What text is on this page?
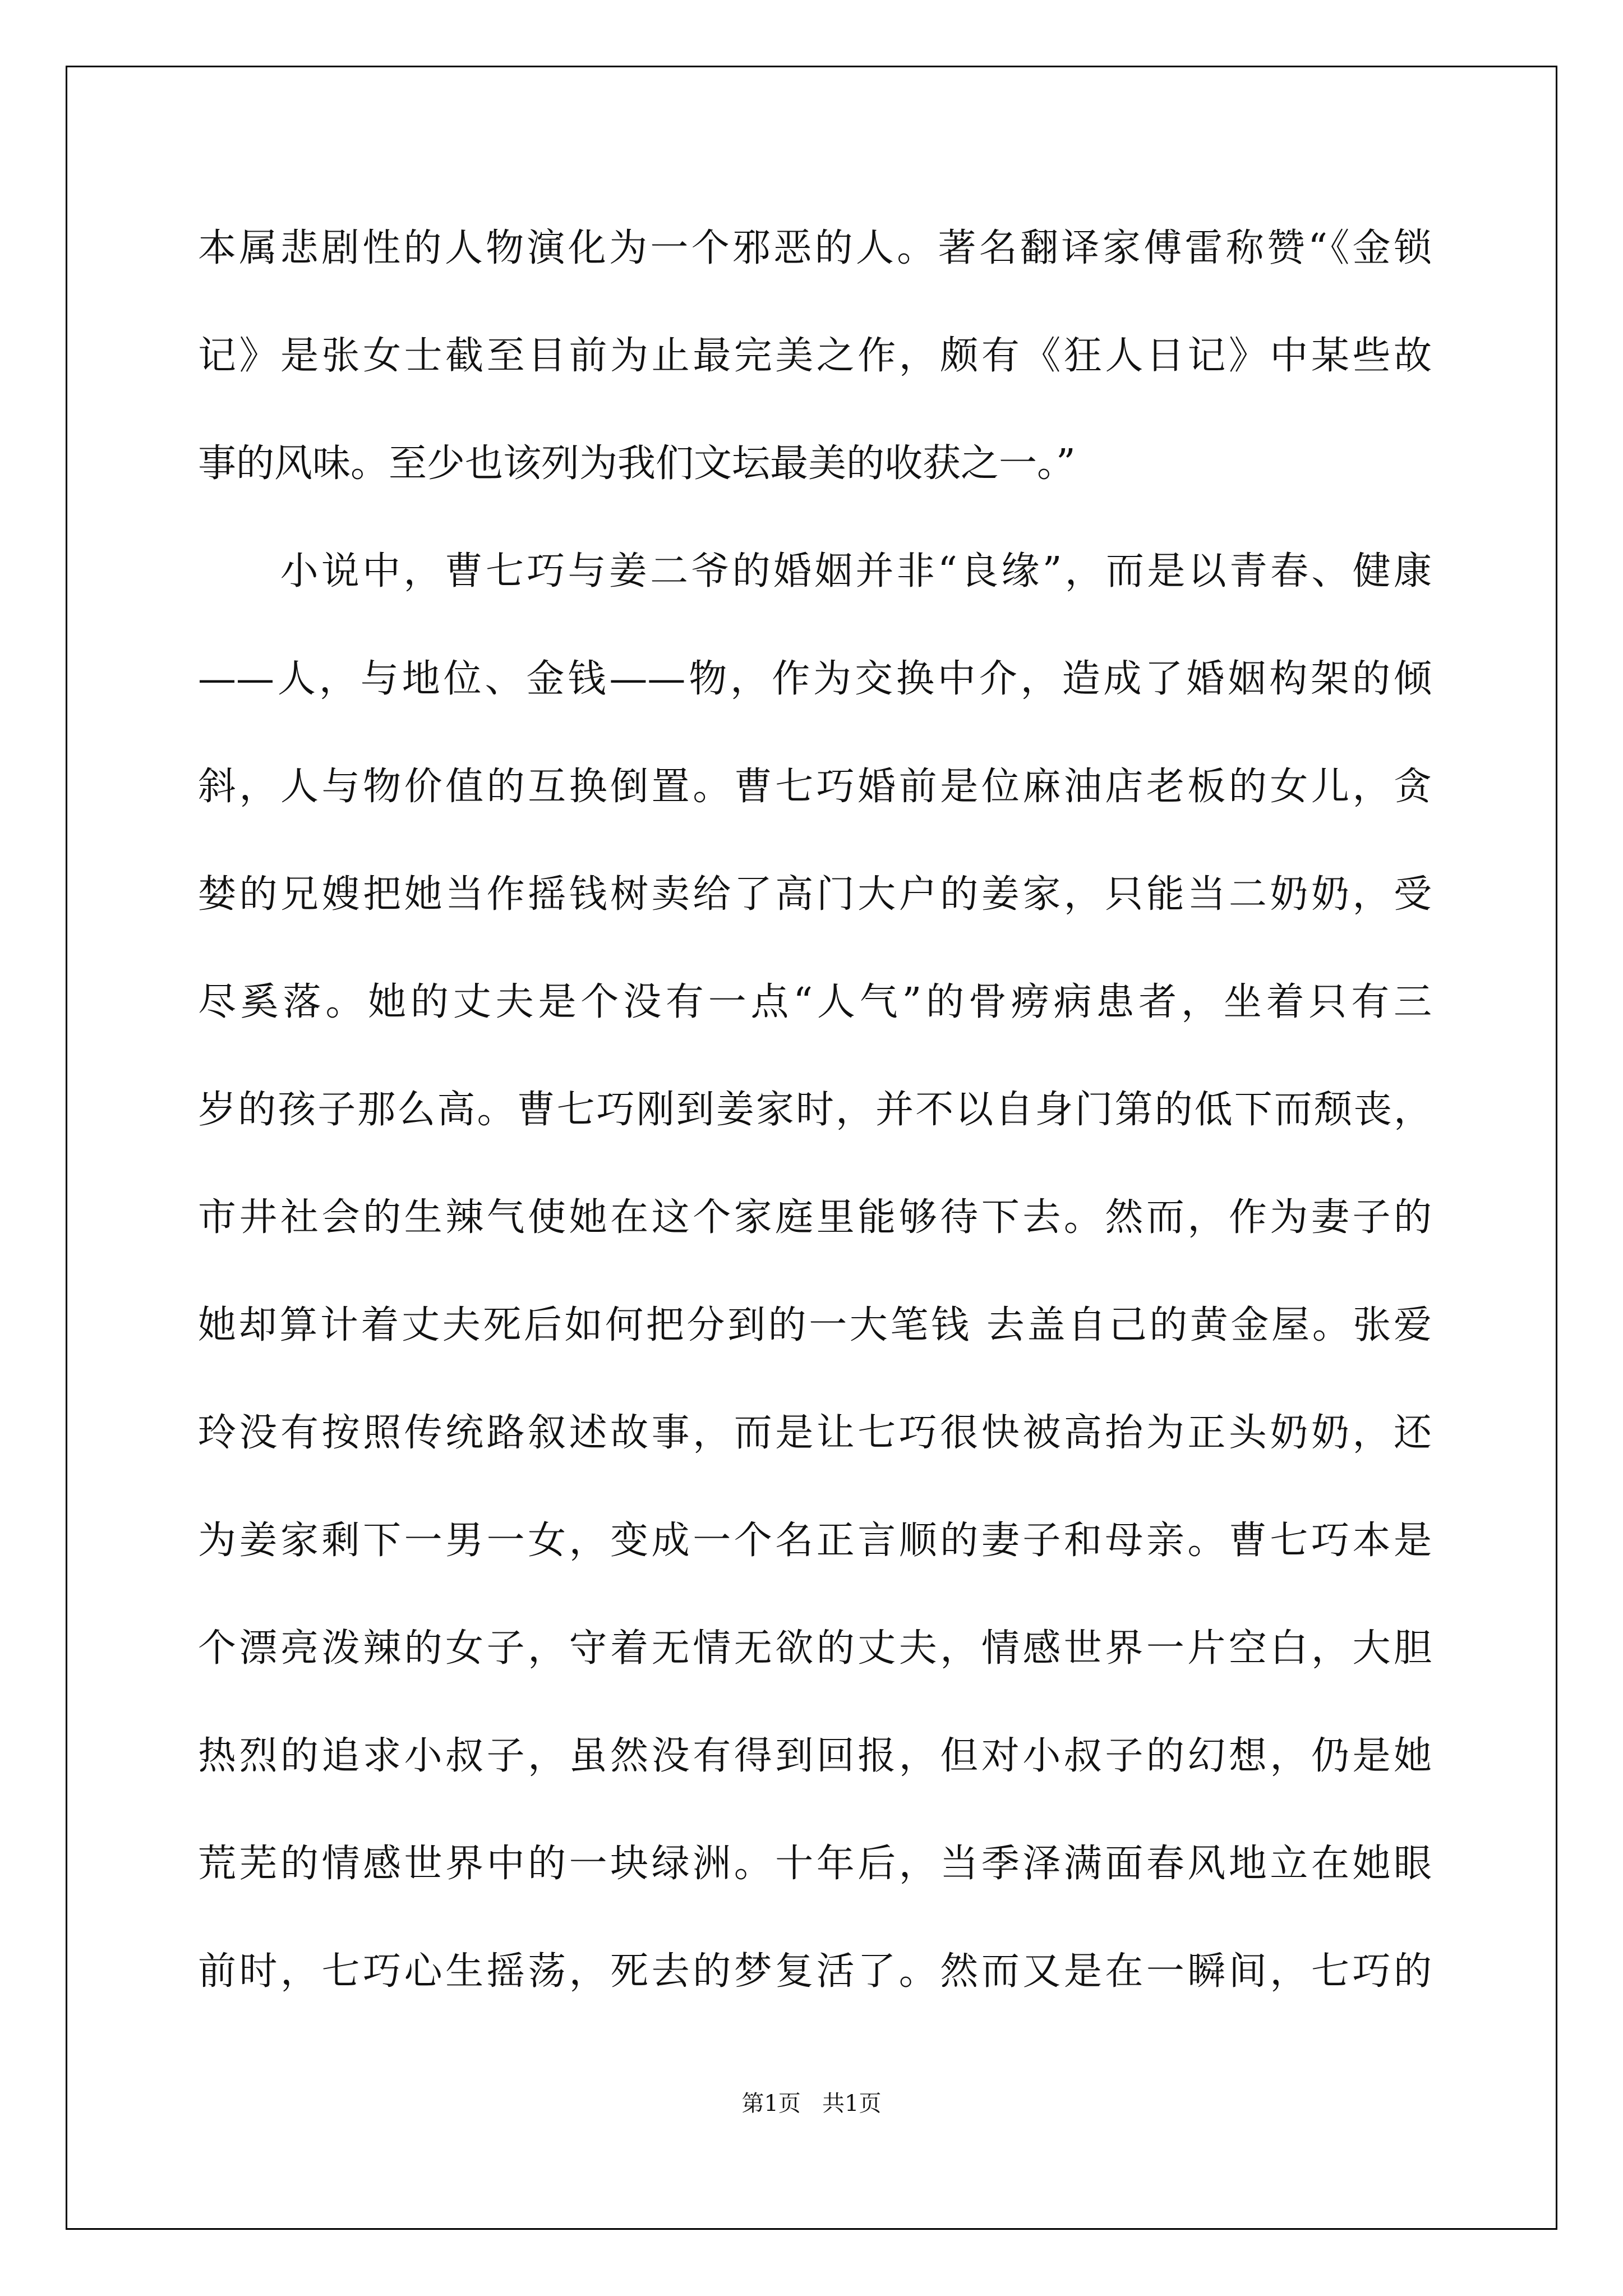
本属悲剧性的人物演化为一个邪恶的人。著名翻译家傅雷称赞“《金锁
记》是张女士截至目前为止最完美之作，颇有《狂人日记》中某些故
事的风味。至少也该列为我们文坛最美的收获之一。”
　　小说中，曹七巧与姜二爷的婚姻并非“良缘”，而是以青春、健康
——人，与地位、金钱——物，作为交换中介，造成了婚姻构架的倾
斜，人与物价值的互换倒置。曹七巧婚前是位麻油店老板的女儿，贪
婪的兄嫂把她当作摇钱树卖给了高门大户的姜家，只能当二奶奶，受
尽奚落。她的丈夫是个没有一点“人气”的骨痨病患者，坐着只有三
岁的孩子那么高。曹七巧刚到姜家时，并不以自身门第的低下而颓丧，
市井社会的生辣气使她在这个家庭里能够待下去。然而，作为妻子的
她却算计着丈夫死后如何把分到的一大笔钱 去盖自己的黄金屋。张爱
玲没有按照传统路叙述故事，而是让七巧很快被高抬为正头奶奶，还
为姜家剩下一男一女，变成一个名正言顺的妻子和母亲。曹七巧本是
个漂亮泼辣的女子，守着无情无欲的丈夫，情感世界一片空白，大胆
热烈的追求小叔子，虽然没有得到回报，但对小叔子的幻想，仍是她
荒芜的情感世界中的一块绿洲。十年后，当季泽满面春风地立在她眼
前时，七巧心生摇荡，死去的梦复活了。然而又是在一瞬间，七巧的
第1页   共1页
